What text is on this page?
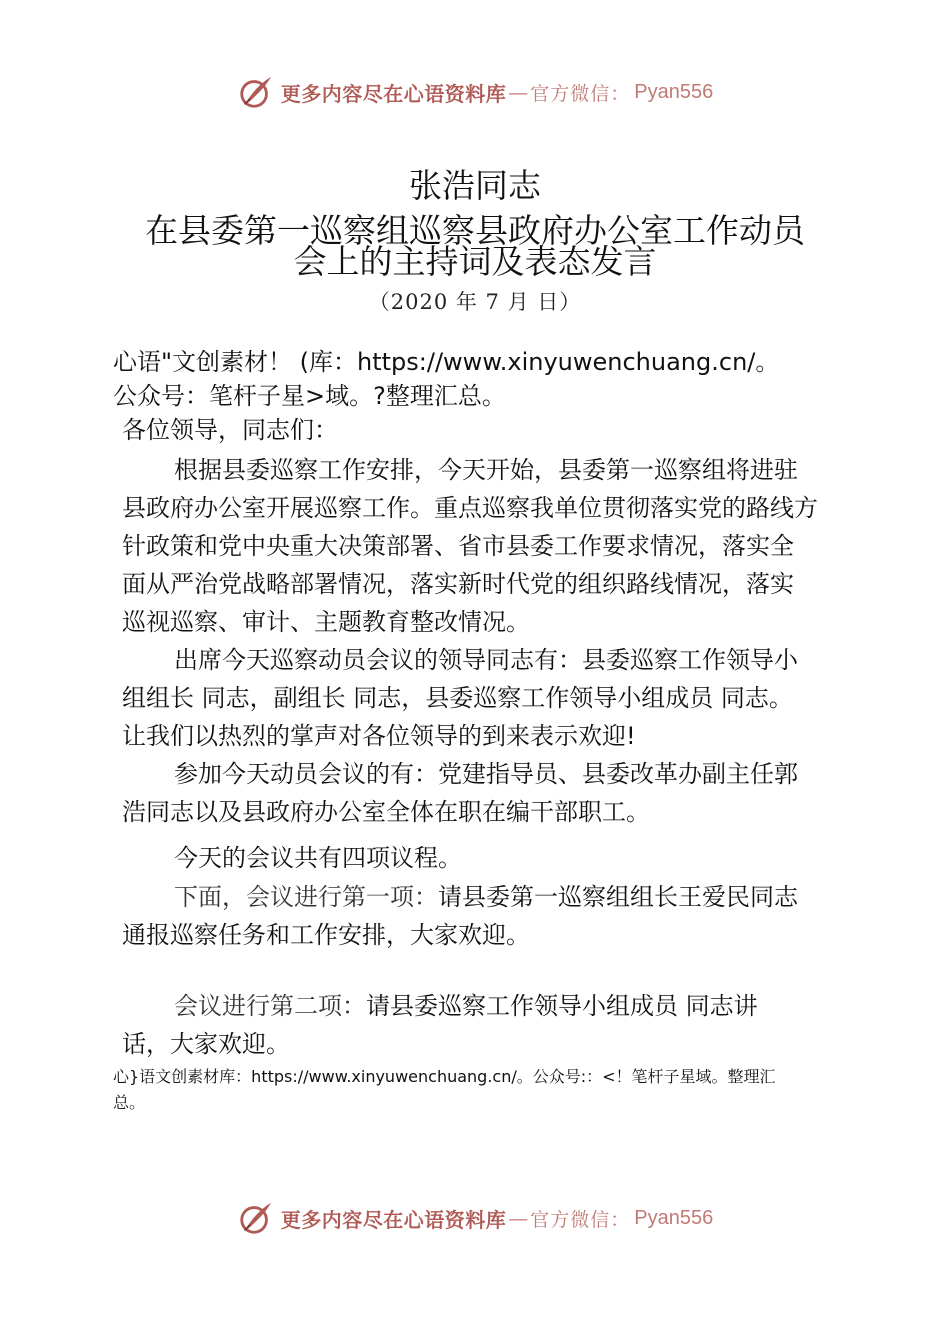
更多内容尽在心语资料库 — 官方微信： Pyan556
张浩同志
在县委第一巡察组巡察县政府办公室工作动员
会上的主持词及表态发言
（2020 年 7 月 日）
心语"文创素材！ (库：https://www.xinyuwenchuang.cn/。
公众号：笔杆子星>域。?整理汇总。
各位领导，同志们：
根据县委巡察工作安排，今天开始，县委第一巡察组将进驻
县政府办公室开展巡察工作。重点巡察我单位贯彻落实党的路线方
针政策和党中央重大决策部署、省市县委工作要求情况，落实全
面从严治党战略部署情况，落实新时代党的组织路线情况，落实
巡视巡察、审计、主题教育整改情况。
出席今天巡察动员会议的领导同志有：县委巡察工作领导小
组组长 同志，副组长 同志，县委巡察工作领导小组成员 同志。
让我们以热烈的掌声对各位领导的到来表示欢迎!
参加今天动员会议的有：党建指导员、县委改革办副主任郭
浩同志以及县政府办公室全体在职在编干部职工。
今天的会议共有四项议程。
下面，会议进行第一项：请县委第一巡察组组长王爱民同志
通报巡察任务和工作安排，大家欢迎。
会议进行第二项：请县委巡察工作领导小组成员 同志讲
话，大家欢迎。
心}语文创素材库：https://www.xinyuwenchuang.cn/。公众号:：<！笔杆子星域。整理汇
总。
更多内容尽在心语资料库 — 官方微信： Pyan556
